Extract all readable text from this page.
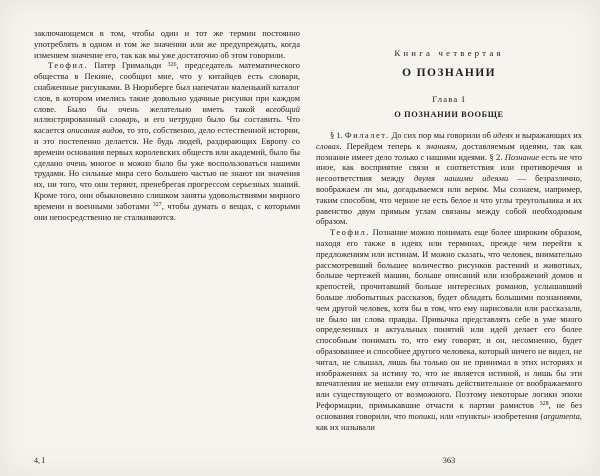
заключающемся в том, чтобы один и тот же термин постоянно употреблять в одном и том же значении или же предупреждать, когда изменяем значение его, так как мы уже достаточно об этом говорили.

Теофил. Патер Гримальди $^{326}$, председатель математического общества в Пекине, сообщил мне, что у китайцев есть словари, снабженные рисунками. В Нюрнберге был напечатан маленький каталог слов, в котором имелись такие довольно удачные рисунки при каждом слове. Было бы очень желательно иметь такой всеобщий иллюстрированный словарь, и его нетрудно было бы составить. Что касается описания видов, то это, собственно, дело естественной истории, и это постепенно делается. Не будь людей, раздирающих Европу со времени основания первых королевских обществ или академий, было бы сделано очень многое и можно было бы уже воспользоваться нашими трудами. Но сильные мира сего большею частью не знают ни значения их, ни того, что они теряют, пренебрегая прогрессом серьезных знаний. Кроме того, они обыкновенно слишком заняты удовольствиями мирного времени и военными заботами $^{327}$, чтобы думать о вещах, с которыми они непосредственно не сталкиваются.

Книга четвертая
О ПОЗНАНИИ
Глава I
О ПОЗНАНИИ ВООБЩЕ

§ 1. Филалет. До сих пор мы говорили об идеях и выражающих их словах. Перейдем теперь к знаниям, доставляемым идеями, так как познание имеет дело только с нашими идеями. § 2. Познание есть не что иное, как восприятие связи и соответствия или противоречия и несоответствия между двумя нашими идеями — безразлично, воображаем ли мы, догадываемся или верим. Мы сознаем, например, таким способом, что черное не есть белое и что углы треугольника и их равенство двум прямым углам связаны между собой необходимым образом.

Теофил. Познание можно понимать еще более широким образом, находя его также в идеях или терминах, прежде чем перейти к предложениям или истинам. И можно сказать, что человек, внимательно рассмотревший большее количество рисунков растений и животных, больше чертежей машин, больше описаний или изображений домов и крепостей, прочитавший больше интересных романов, услышавший больше любопытных рассказов, будет обладать большими познаниями, чем другой человек, хотя бы в том, что ему нарисовали или рассказали, не было ни слова правды. Привычка представлять себе в уме много определенных и актуальных понятий или идей делает его более способным понимать то, что ему говорят, и он, несомненно, будет образованнее и способнее другого человека, который ничего не видел, не читал, не слышал, лишь бы только он не принимал в этих историях и изображениях за истину то, что не является истиной, и лишь бы эти впечатления не мешали ему отличать действительное от воображаемого или существующего от возможного. Поэтому некоторые логики эпохи Реформации, примыкавшие отчасти к партии рамистов $^{328}$, не без основания говорили, что топики, или «пункты» изобретения (argumenta, как их называли

4, I	363
